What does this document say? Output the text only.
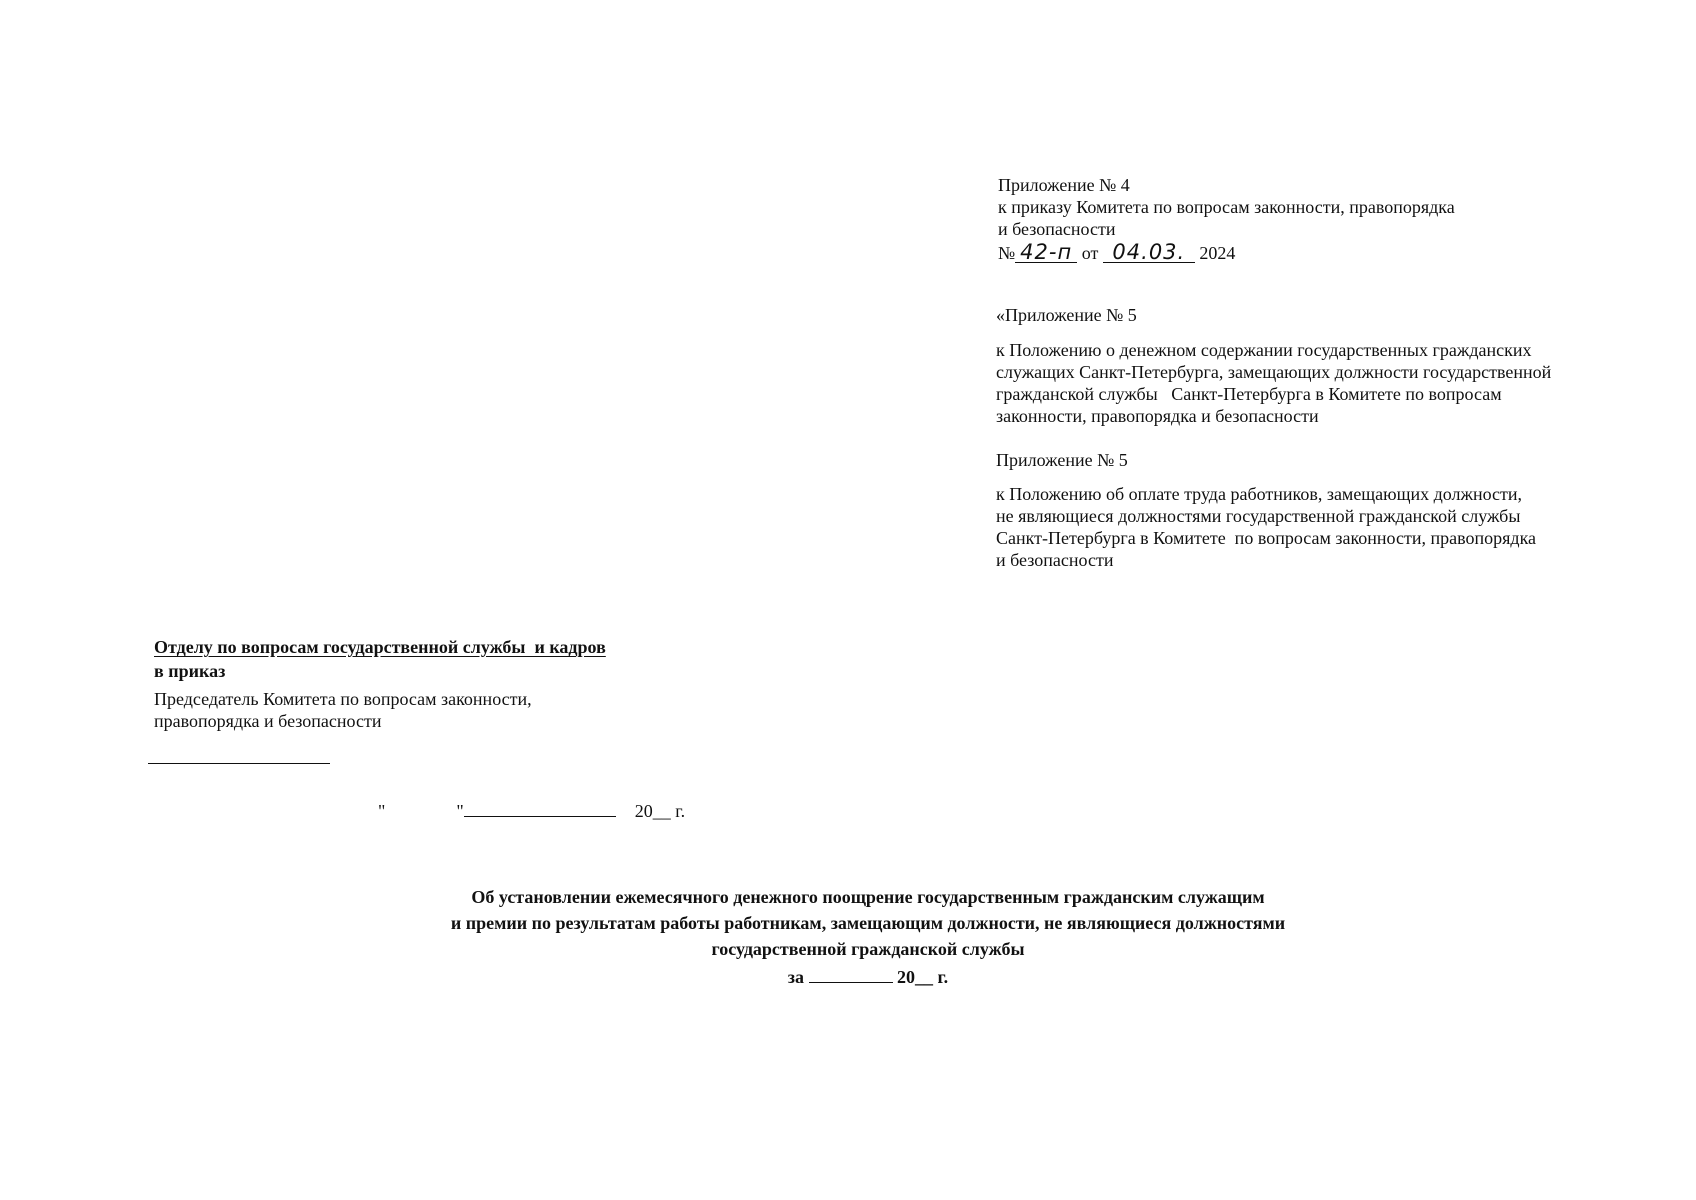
Приложение № 4
к приказу Комитета по вопросам законности, правопорядка
и безопасности
№ 42-п от 04.03. 2024
«Приложение № 5
к Положению о денежном содержании государственных гражданских
служащих Санкт-Петербурга, замещающих должности государственной
гражданской службы   Санкт-Петербурга в Комитете по вопросам
законности, правопорядка и безопасности
Приложение № 5
к Положению об оплате труда работников, замещающих должности,
не являющиеся должностями государственной гражданской службы
Санкт-Петербурга в Комитете  по вопросам законности, правопорядка
и безопасности
Отделу по вопросам государственной службы  и кадров
в приказ
Председатель Комитета по вопросам законности,
правопорядка и безопасности
"	"	20__ г.
Об установлении ежемесячного денежного поощрение государственным гражданским служащим
и премии по результатам работы работникам, замещающим должности, не являющиеся должностями
государственной гражданской службы
за	20__ г.
